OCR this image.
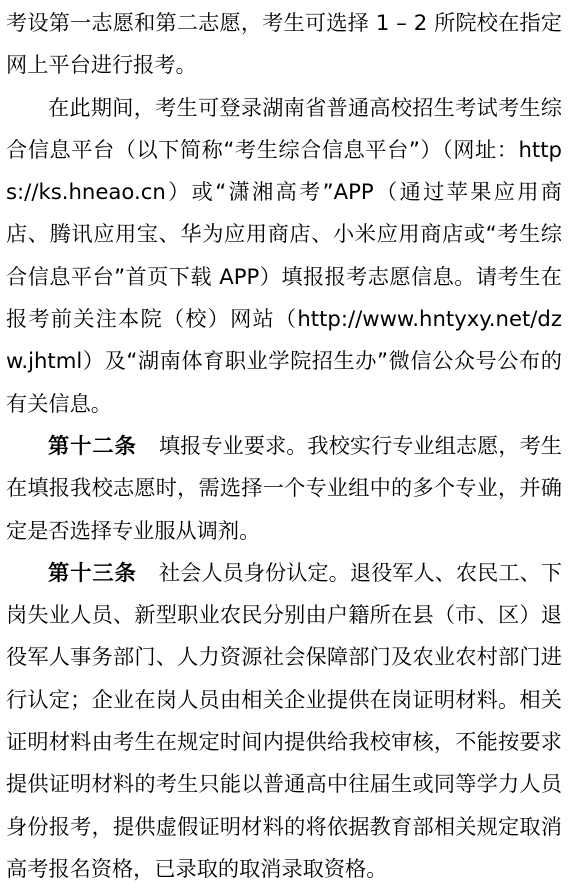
考设第一志愿和第二志愿，考生可选择 1 – 2 所院校在指定网上平台进行报考。

在此期间，考生可登录湖南省普通高校招生考试考生综合信息平台（以下简称“考生综合信息平台”）（网址：https://ks.hneao.cn）或“潇湘高考”APP（通过苹果应用商店、腾讯应用宝、华为应用商店、小米应用商店或“考生综合信息平台”首页下载 APP）填报报考志愿信息。请考生在报考前关注本院（校）网站（http://www.hntyxy.net/dzw.jhtml）及“湖南体育职业学院招生办”微信公众号公布的有关信息。

第十二条 填报专业要求。我校实行专业组志愿，考生在填报我校志愿时，需选择一个专业组中的多个专业，并确定是否选择专业服从调剂。

第十三条 社会人员身份认定。退役军人、农民工、下岗失业人员、新型职业农民分别由户籍所在县（市、区）退役军人事务部门、人力资源社会保障部门及农业农村部门进行认定；企业在岗人员由相关企业提供在岗证明材料。相关证明材料由考生在规定时间内提供给我校审核，不能按要求提供证明材料的考生只能以普通高中往届生或同等学力人员身份报考，提供虚假证明材料的将依据教育部相关规定取消高考报名资格，已录取的取消录取资格。
